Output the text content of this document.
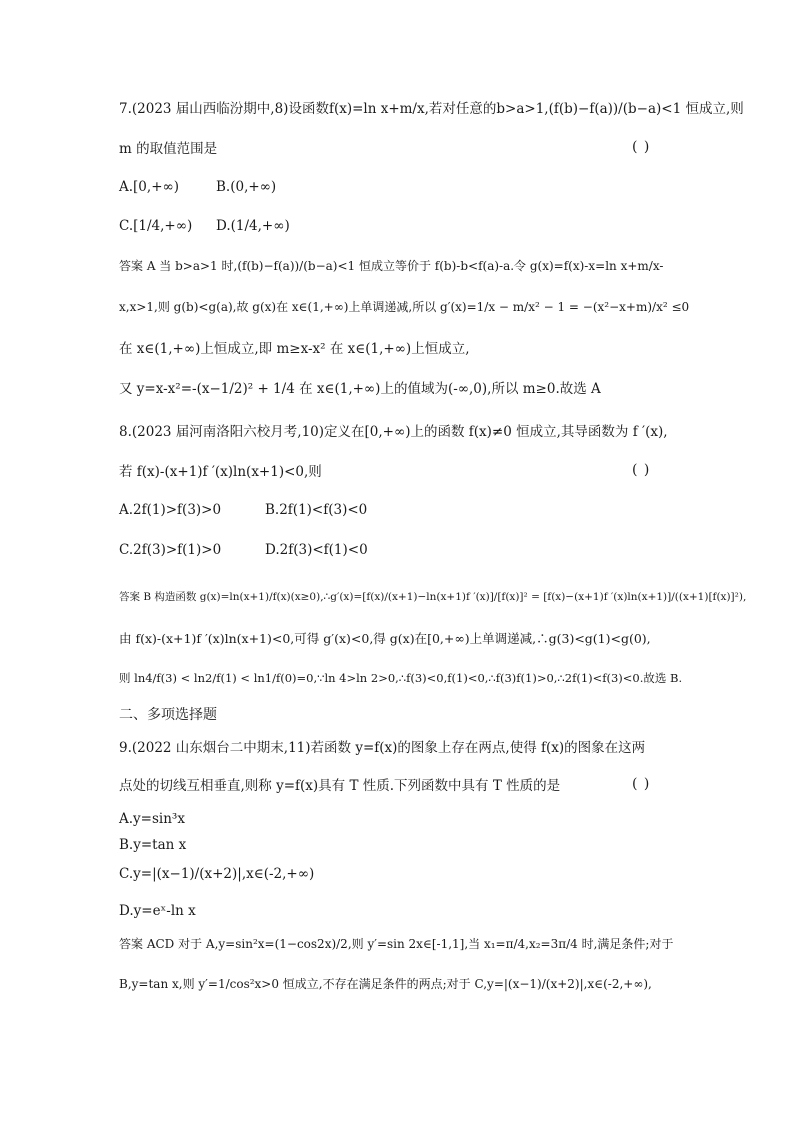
7.(2023 届山西临汾期中,8)设函数f(x)=ln x+m/x,若对任意的b>a>1,(f(b)−f(a))/(b−a)<1 恒成立,则
m 的取值范围是	( )
A.[0,+∞)	B.(0,+∞)
C.[1/4,+∞) D.(1/4,+∞)
答案 A 当 b>a>1 时,(f(b)−f(a))/(b−a)<1 恒成立等价于 f(b)-b<f(a)-a.令 g(x)=f(x)-x=ln x+m/x-
x,x>1,则 g(b)<g(a),故 g(x)在 x∈(1,+∞)上单调递减,所以 g′(x)=1/x − m/x² − 1 = −(x²−x+m)/x² ≤0
在 x∈(1,+∞)上恒成立,即 m≥x-x² 在 x∈(1,+∞)上恒成立,
又 y=x-x²=-(x−1/2)² + 1/4 在 x∈(1,+∞)上的值域为(-∞,0),所以 m≥0.故选 A
8.(2023 届河南洛阳六校月考,10)定义在[0,+∞)上的函数 f(x)≠0 恒成立,其导函数为 f ′(x),
若 f(x)-(x+1)f ′(x)ln(x+1)<0,则	( )
A.2f(1)>f(3)>0	B.2f(1)<f(3)<0
C.2f(3)>f(1)>0	D.2f(3)<f(1)<0
答案 B 构造函数 g(x)=ln(x+1)/f(x)(x≥0),∴g′(x)=[f(x)/(x+1)−ln(x+1)f ′(x)]/[f(x)]² = [f(x)−(x+1)f ′(x)ln(x+1)]/((x+1)[f(x)]²),
由 f(x)-(x+1)f ′(x)ln(x+1)<0,可得 g′(x)<0,得 g(x)在[0,+∞)上单调递减,∴g(3)<g(1)<g(0),
则 ln4/f(3) < ln2/f(1) < ln1/f(0)=0,∵ln 4>ln 2>0,∴f(3)<0,f(1)<0,∴f(3)f(1)>0,∴2f(1)<f(3)<0.故选 B.
二、多项选择题
9.(2022 山东烟台二中期末,11)若函数 y=f(x)的图象上存在两点,使得 f(x)的图象在这两
点处的切线互相垂直,则称 y=f(x)具有 T 性质.下列函数中具有 T 性质的是	( )
A.y=sin³x
B.y=tan x
C.y=|(x−1)/(x+2)|,x∈(-2,+∞)
D.y=eˣ-ln x
答案 ACD 对于 A,y=sin²x=(1−cos2x)/2,则 y′=sin 2x∈[-1,1],当 x₁=π/4,x₂=3π/4 时,满足条件;对于
B,y=tan x,则 y′=1/cos²x>0 恒成立,不存在满足条件的两点;对于 C,y=|(x−1)/(x+2)|,x∈(-2,+∞),
